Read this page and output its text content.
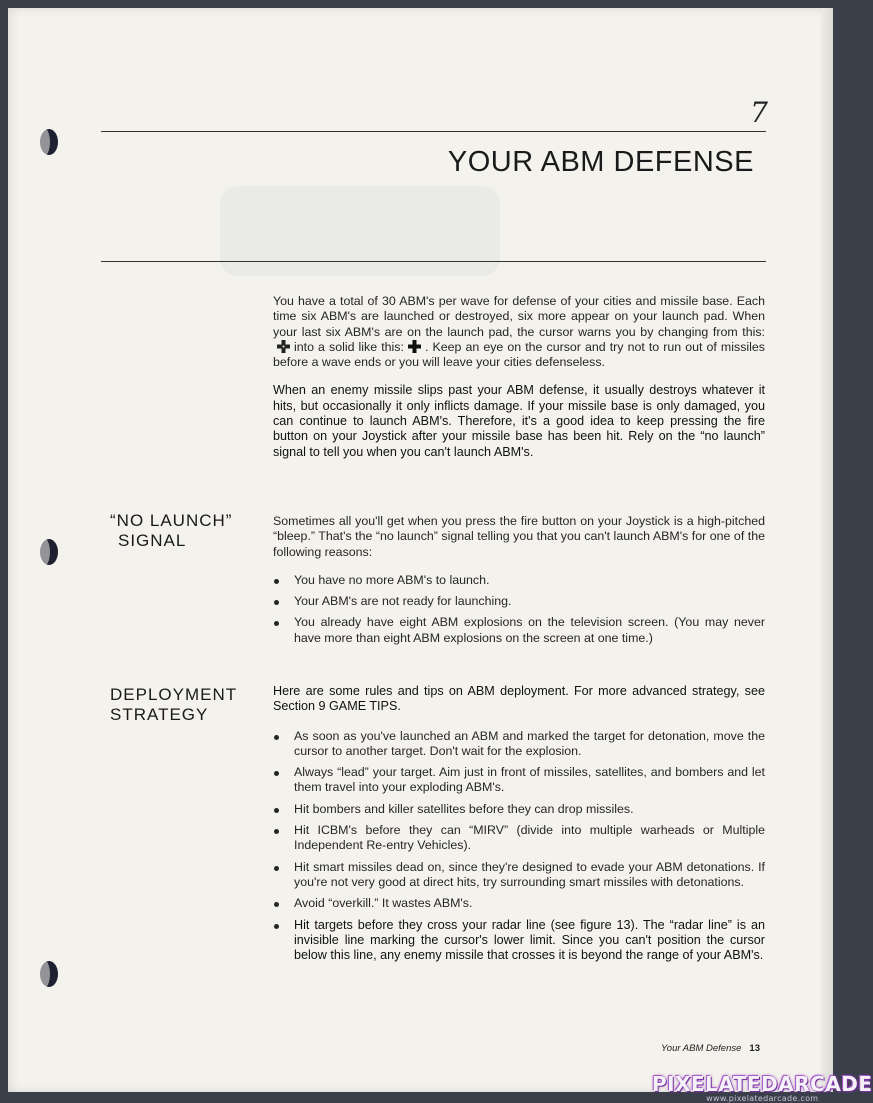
7
YOUR ABM DEFENSE

You have a total of 30 ABM's per wave for defense of your cities and missile base. Each time six ABM's are launched or destroyed, six more appear on your launch pad. When your last six ABM's are on the launch pad, the cursor warns you by changing from this:into a solid like this: . Keep an eye on the cursor and try not to run out of missiles before a wave ends or you will leave your cities defenseless.

When an enemy missile slips past your ABM defense, it usually destroys whatever it hits, but occasionally it only inflicts damage. If your missile base is only damaged, you can continue to launch ABM's. Therefore, it's a good idea to keep pressing the fire button on your Joystick after your missile base has been hit. Rely on the “no launch” signal to tell you when you can't launch ABM's.

“NO LAUNCH”
SIGNAL

Sometimes all you'll get when you press the fire button on your Joystick is a high-pitched “bleep.” That's the “no launch” signal telling you that you can't launch ABM's for one of the following reasons:

You have no more ABM's to launch.
Your ABM's are not ready for launching.
You already have eight ABM explosions on the television screen. (You may never have more than eight ABM explosions on the screen at one time.)
DEPLOYMENT
STRATEGY

Here are some rules and tips on ABM deployment. For more advanced strategy, see Section 9 GAME TIPS.

As soon as you've launched an ABM and marked the target for detonation, move the cursor to another target. Don't wait for the explosion.
Always “lead” your target. Aim just in front of missiles, satellites, and bombers and let them travel into your exploding ABM's.
Hit bombers and killer satellites before they can drop missiles.
Hit ICBM's before they can “MIRV” (divide into multiple warheads or Multiple Independent Re-entry Vehicles).
Hit smart missiles dead on, since they're designed to evade your ABM detonations. If you're not very good at direct hits, try surrounding smart missiles with detonations.
Avoid “overkill.” It wastes ABM's.
Hit targets before they cross your radar line (see figure 13). The “radar line” is an invisible line marking the cursor's lower limit. Since you can't position the cursor below this line, any enemy missile that crosses it is beyond the range of your ABM's.
Your ABM Defense 13
PIXELATEDARCADE
www.pixelatedarcade.com
